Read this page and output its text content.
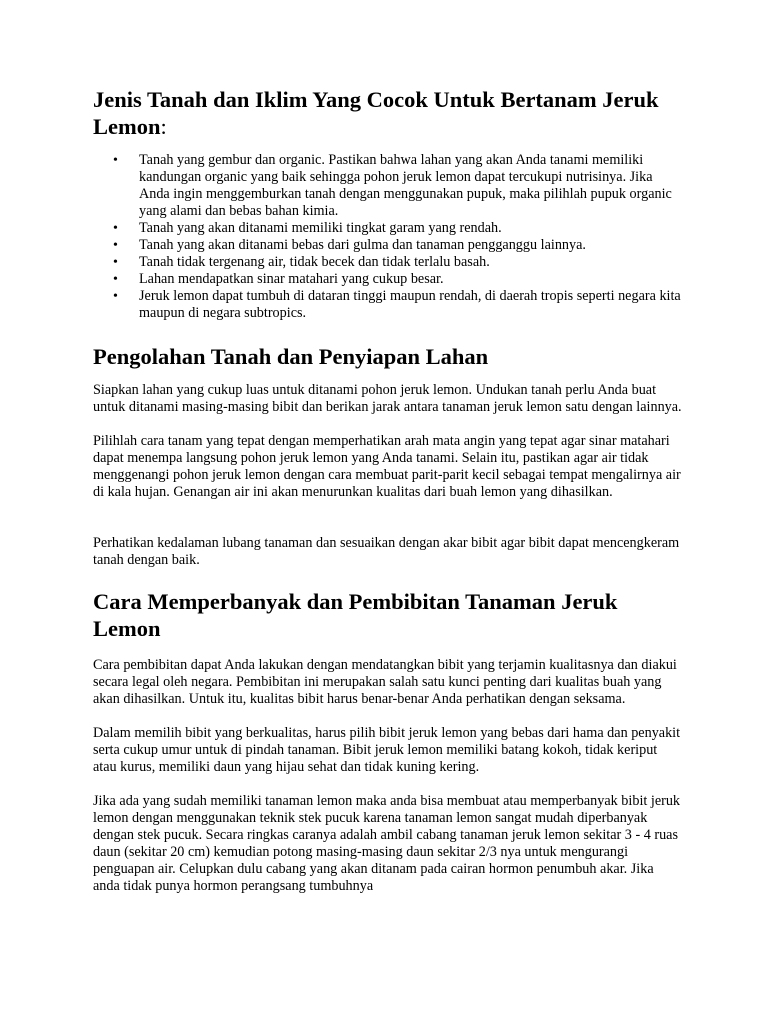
Jenis Tanah dan Iklim Yang Cocok Untuk Bertanam Jeruk Lemon:
• Tanah yang gembur dan organic. Pastikan bahwa lahan yang akan Anda tanami memiliki kandungan organic yang baik sehingga pohon jeruk lemon dapat tercukupi nutrisinya. Jika Anda ingin menggemburkan tanah dengan menggunakan pupuk, maka pilihlah pupuk organic yang alami dan bebas bahan kimia.
• Tanah yang akan ditanami memiliki tingkat garam yang rendah.
• Tanah yang akan ditanami bebas dari gulma dan tanaman pengganggu lainnya.
• Tanah tidak tergenang air, tidak becek dan tidak terlalu basah.
• Lahan mendapatkan sinar matahari yang cukup besar.
• Jeruk lemon dapat tumbuh di dataran tinggi maupun rendah, di daerah tropis seperti negara kita maupun di negara subtropics.
Pengolahan Tanah dan Penyiapan Lahan

Siapkan lahan yang cukup luas untuk ditanami pohon jeruk lemon. Undukan tanah perlu Anda buat untuk ditanami masing-masing bibit dan berikan jarak antara tanaman jeruk lemon satu dengan lainnya.

Pilihlah cara tanam yang tepat dengan memperhatikan arah mata angin yang tepat agar sinar matahari dapat menempa langsung pohon jeruk lemon yang Anda tanami. Selain itu, pastikan agar air tidak menggenangi pohon jeruk lemon dengan cara membuat parit-parit kecil sebagai tempat mengalirnya air di kala hujan. Genangan air ini akan menurunkan kualitas dari buah lemon yang dihasilkan.

Perhatikan kedalaman lubang tanaman dan sesuaikan dengan akar bibit agar bibit dapat mencengkeram tanah dengan baik.

Cara Memperbanyak dan Pembibitan Tanaman Jeruk Lemon

Cara pembibitan dapat Anda lakukan dengan mendatangkan bibit yang terjamin kualitasnya dan diakui secara legal oleh negara. Pembibitan ini merupakan salah satu kunci penting dari kualitas buah yang akan dihasilkan. Untuk itu, kualitas bibit harus benar-benar Anda perhatikan dengan seksama.

Dalam memilih bibit yang berkualitas, harus pilih bibit jeruk lemon yang bebas dari hama dan penyakit serta cukup umur untuk di pindah tanaman. Bibit jeruk lemon memiliki batang kokoh, tidak keriput atau kurus, memiliki daun yang hijau sehat dan tidak kuning kering.

Jika ada yang sudah memiliki tanaman lemon maka anda bisa membuat atau memperbanyak bibit jeruk lemon dengan menggunakan teknik stek pucuk karena tanaman lemon sangat mudah diperbanyak dengan stek pucuk. Secara ringkas caranya adalah ambil cabang tanaman jeruk lemon sekitar 3 - 4 ruas daun (sekitar 20 cm) kemudian potong masing-masing daun sekitar 2/3 nya untuk mengurangi penguapan air. Celupkan dulu cabang yang akan ditanam pada cairan hormon penumbuh akar. Jika anda tidak punya hormon perangsang tumbuhnya
